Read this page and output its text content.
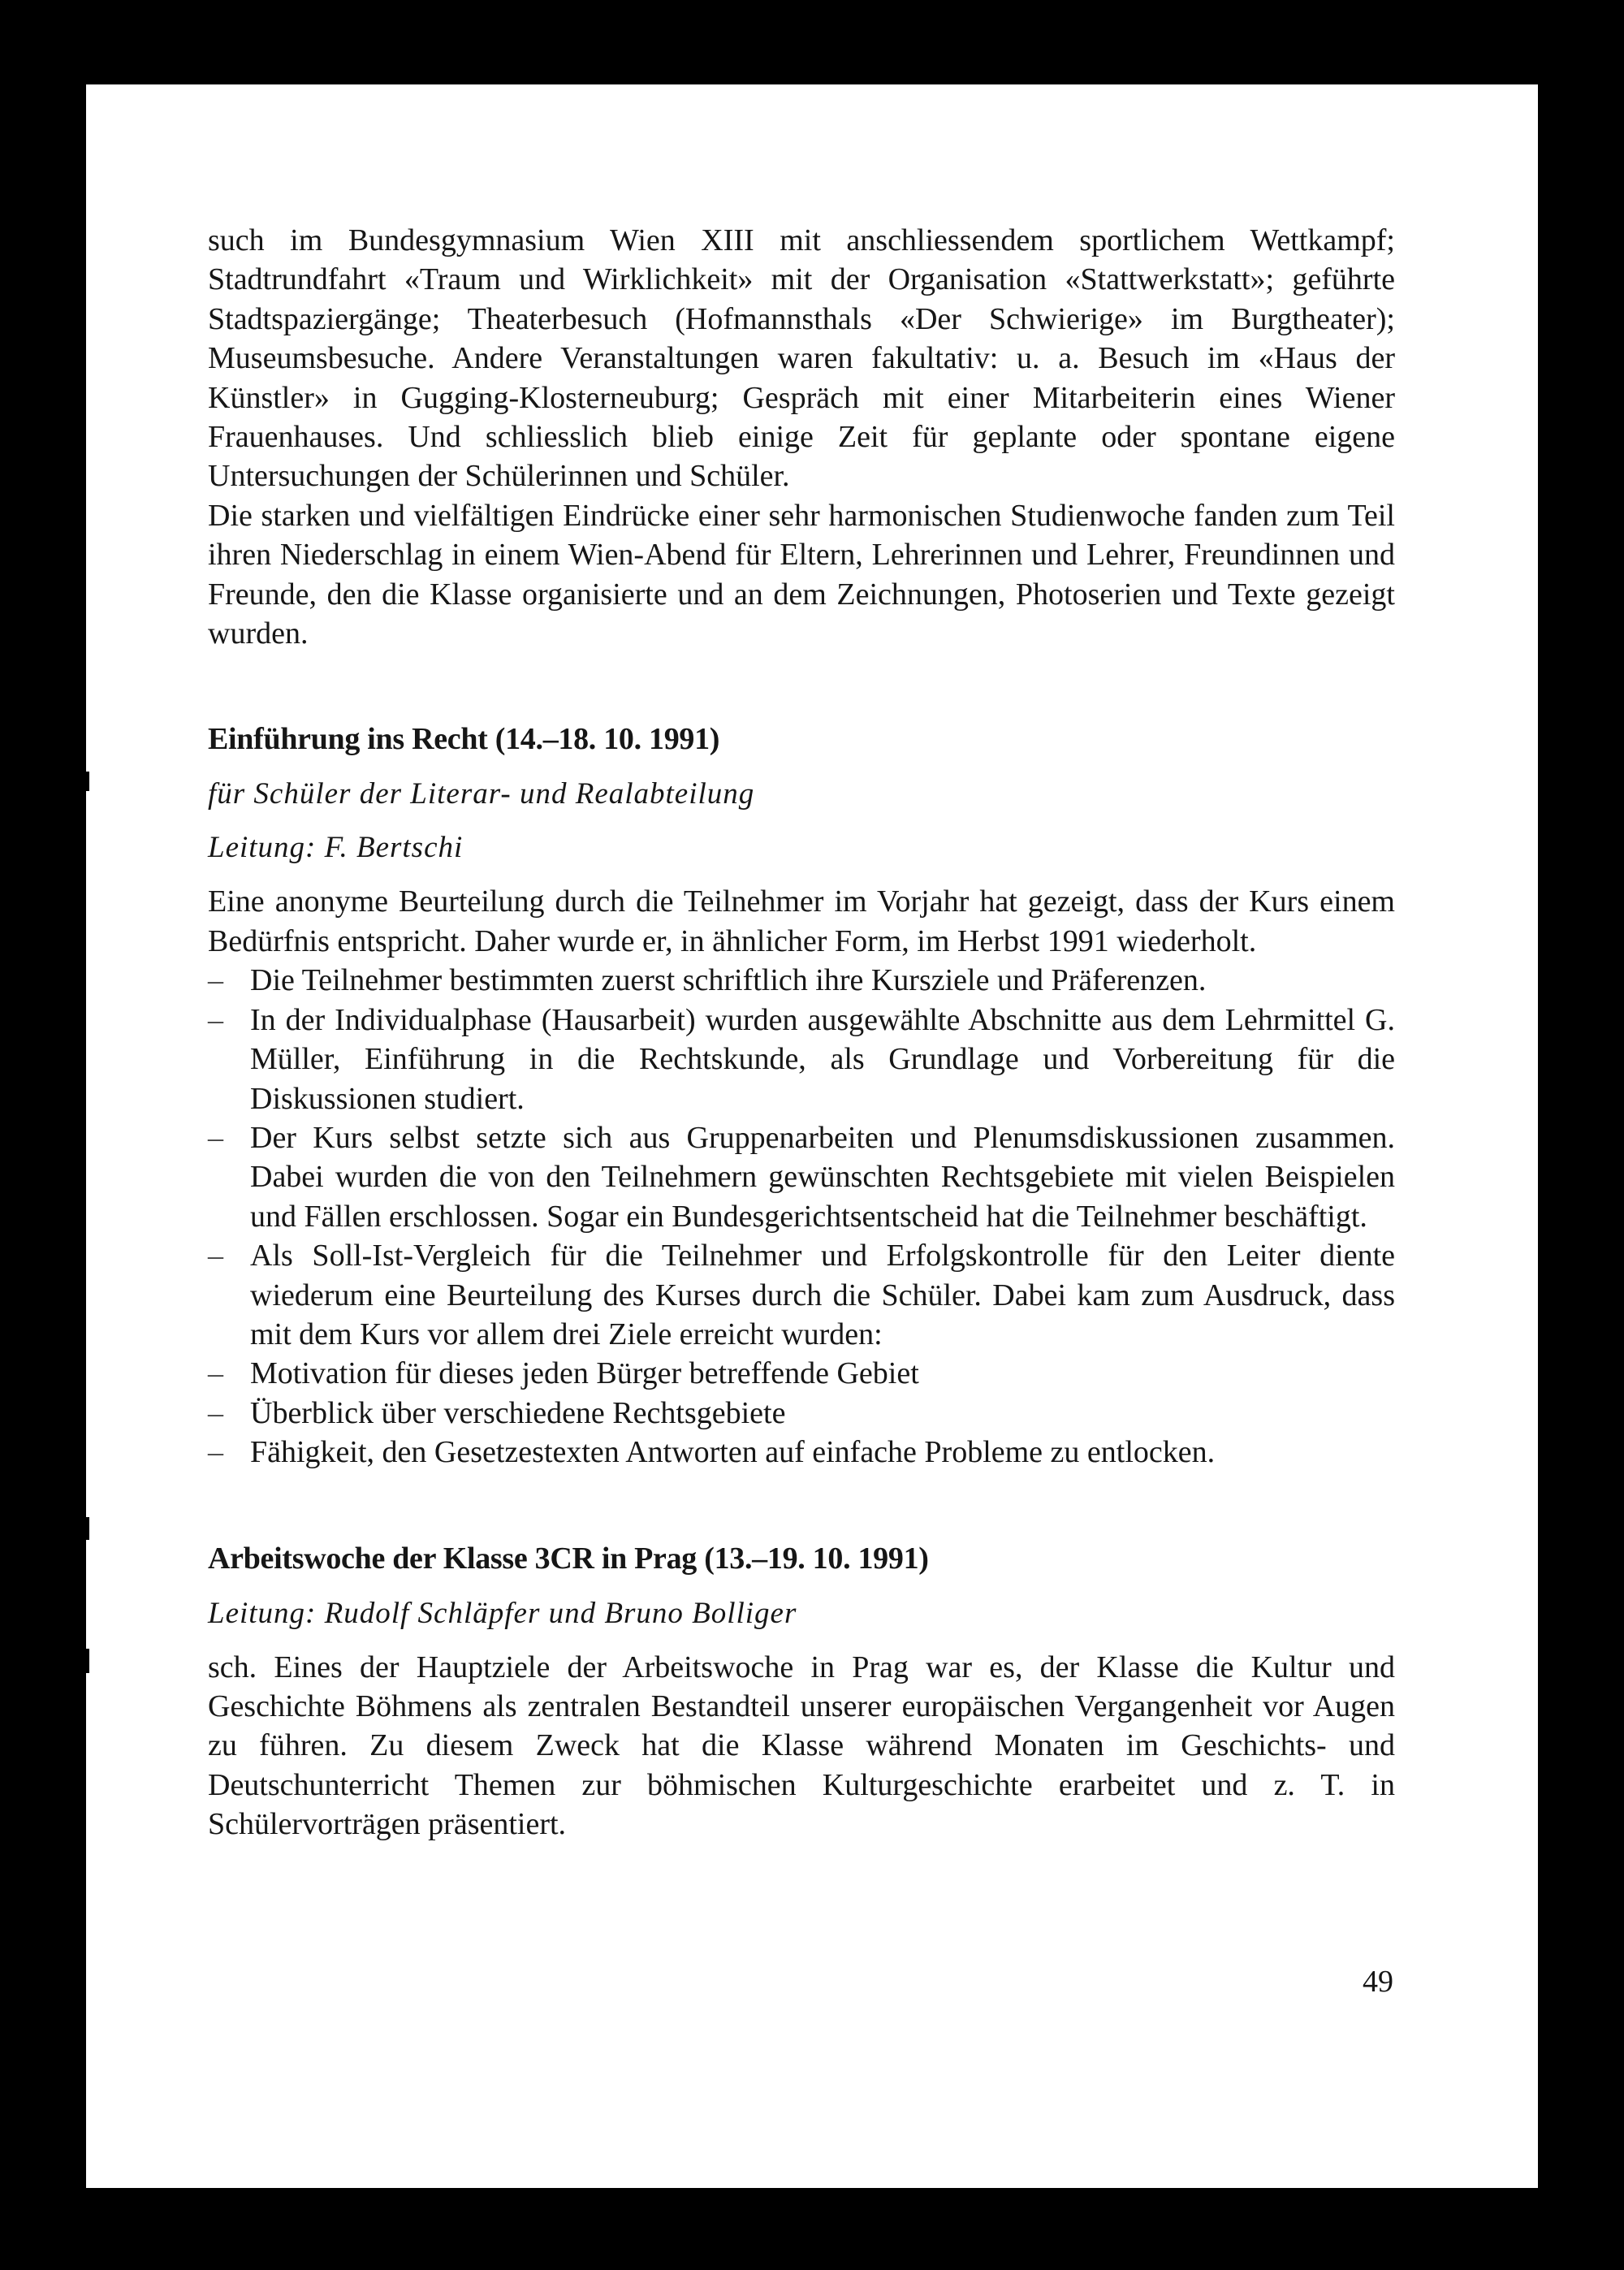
such im Bundesgymnasium Wien XIII mit anschliessendem sportlichem Wettkampf; Stadtrundfahrt «Traum und Wirklichkeit» mit der Organisation «Stattwerkstatt»; geführte Stadtspaziergänge; Theaterbesuch (Hofmannsthals «Der Schwierige» im Burgtheater); Museumsbesuche. Andere Veranstaltungen waren fakultativ: u. a. Besuch im «Haus der Künstler» in Gugging-Klosterneuburg; Gespräch mit einer Mitarbeiterin eines Wiener Frauenhauses. Und schliesslich blieb einige Zeit für geplante oder spontane eigene Untersuchungen der Schülerinnen und Schüler.

Die starken und vielfältigen Eindrücke einer sehr harmonischen Studienwoche fanden zum Teil ihren Niederschlag in einem Wien-Abend für Eltern, Lehrerinnen und Lehrer, Freundinnen und Freunde, den die Klasse organisierte und an dem Zeichnungen, Photoserien und Texte gezeigt wurden.

Einführung ins Recht (14.–18. 10. 1991)

für Schüler der Literar- und Realabteilung

Leitung: F. Bertschi

Eine anonyme Beurteilung durch die Teilnehmer im Vorjahr hat gezeigt, dass der Kurs einem Bedürfnis entspricht. Daher wurde er, in ähnlicher Form, im Herbst 1991 wiederholt.

– Die Teilnehmer bestimmten zuerst schriftlich ihre Kursziele und Präferenzen.
– In der Individualphase (Hausarbeit) wurden ausgewählte Abschnitte aus dem Lehrmittel G. Müller, Einführung in die Rechtskunde, als Grundlage und Vorbereitung für die Diskussionen studiert.
– Der Kurs selbst setzte sich aus Gruppenarbeiten und Plenumsdiskussionen zusammen. Dabei wurden die von den Teilnehmern gewünschten Rechtsgebiete mit vielen Beispielen und Fällen erschlossen. Sogar ein Bundesgerichtsentscheid hat die Teilnehmer beschäftigt.
– Als Soll-Ist-Vergleich für die Teilnehmer und Erfolgskontrolle für den Leiter diente wiederum eine Beurteilung des Kurses durch die Schüler. Dabei kam zum Ausdruck, dass mit dem Kurs vor allem drei Ziele erreicht wurden:
– Motivation für dieses jeden Bürger betreffende Gebiet
– Überblick über verschiedene Rechtsgebiete
– Fähigkeit, den Gesetzestexten Antworten auf einfache Probleme zu entlocken.
Arbeitswoche der Klasse 3CR in Prag (13.–19. 10. 1991)

Leitung: Rudolf Schläpfer und Bruno Bolliger

sch. Eines der Hauptziele der Arbeitswoche in Prag war es, der Klasse die Kultur und Geschichte Böhmens als zentralen Bestandteil unserer europäischen Vergangenheit vor Augen zu führen. Zu diesem Zweck hat die Klasse während Monaten im Geschichts- und Deutschunterricht Themen zur böhmischen Kulturgeschichte erarbeitet und z. T. in Schülervorträgen präsentiert.

49
